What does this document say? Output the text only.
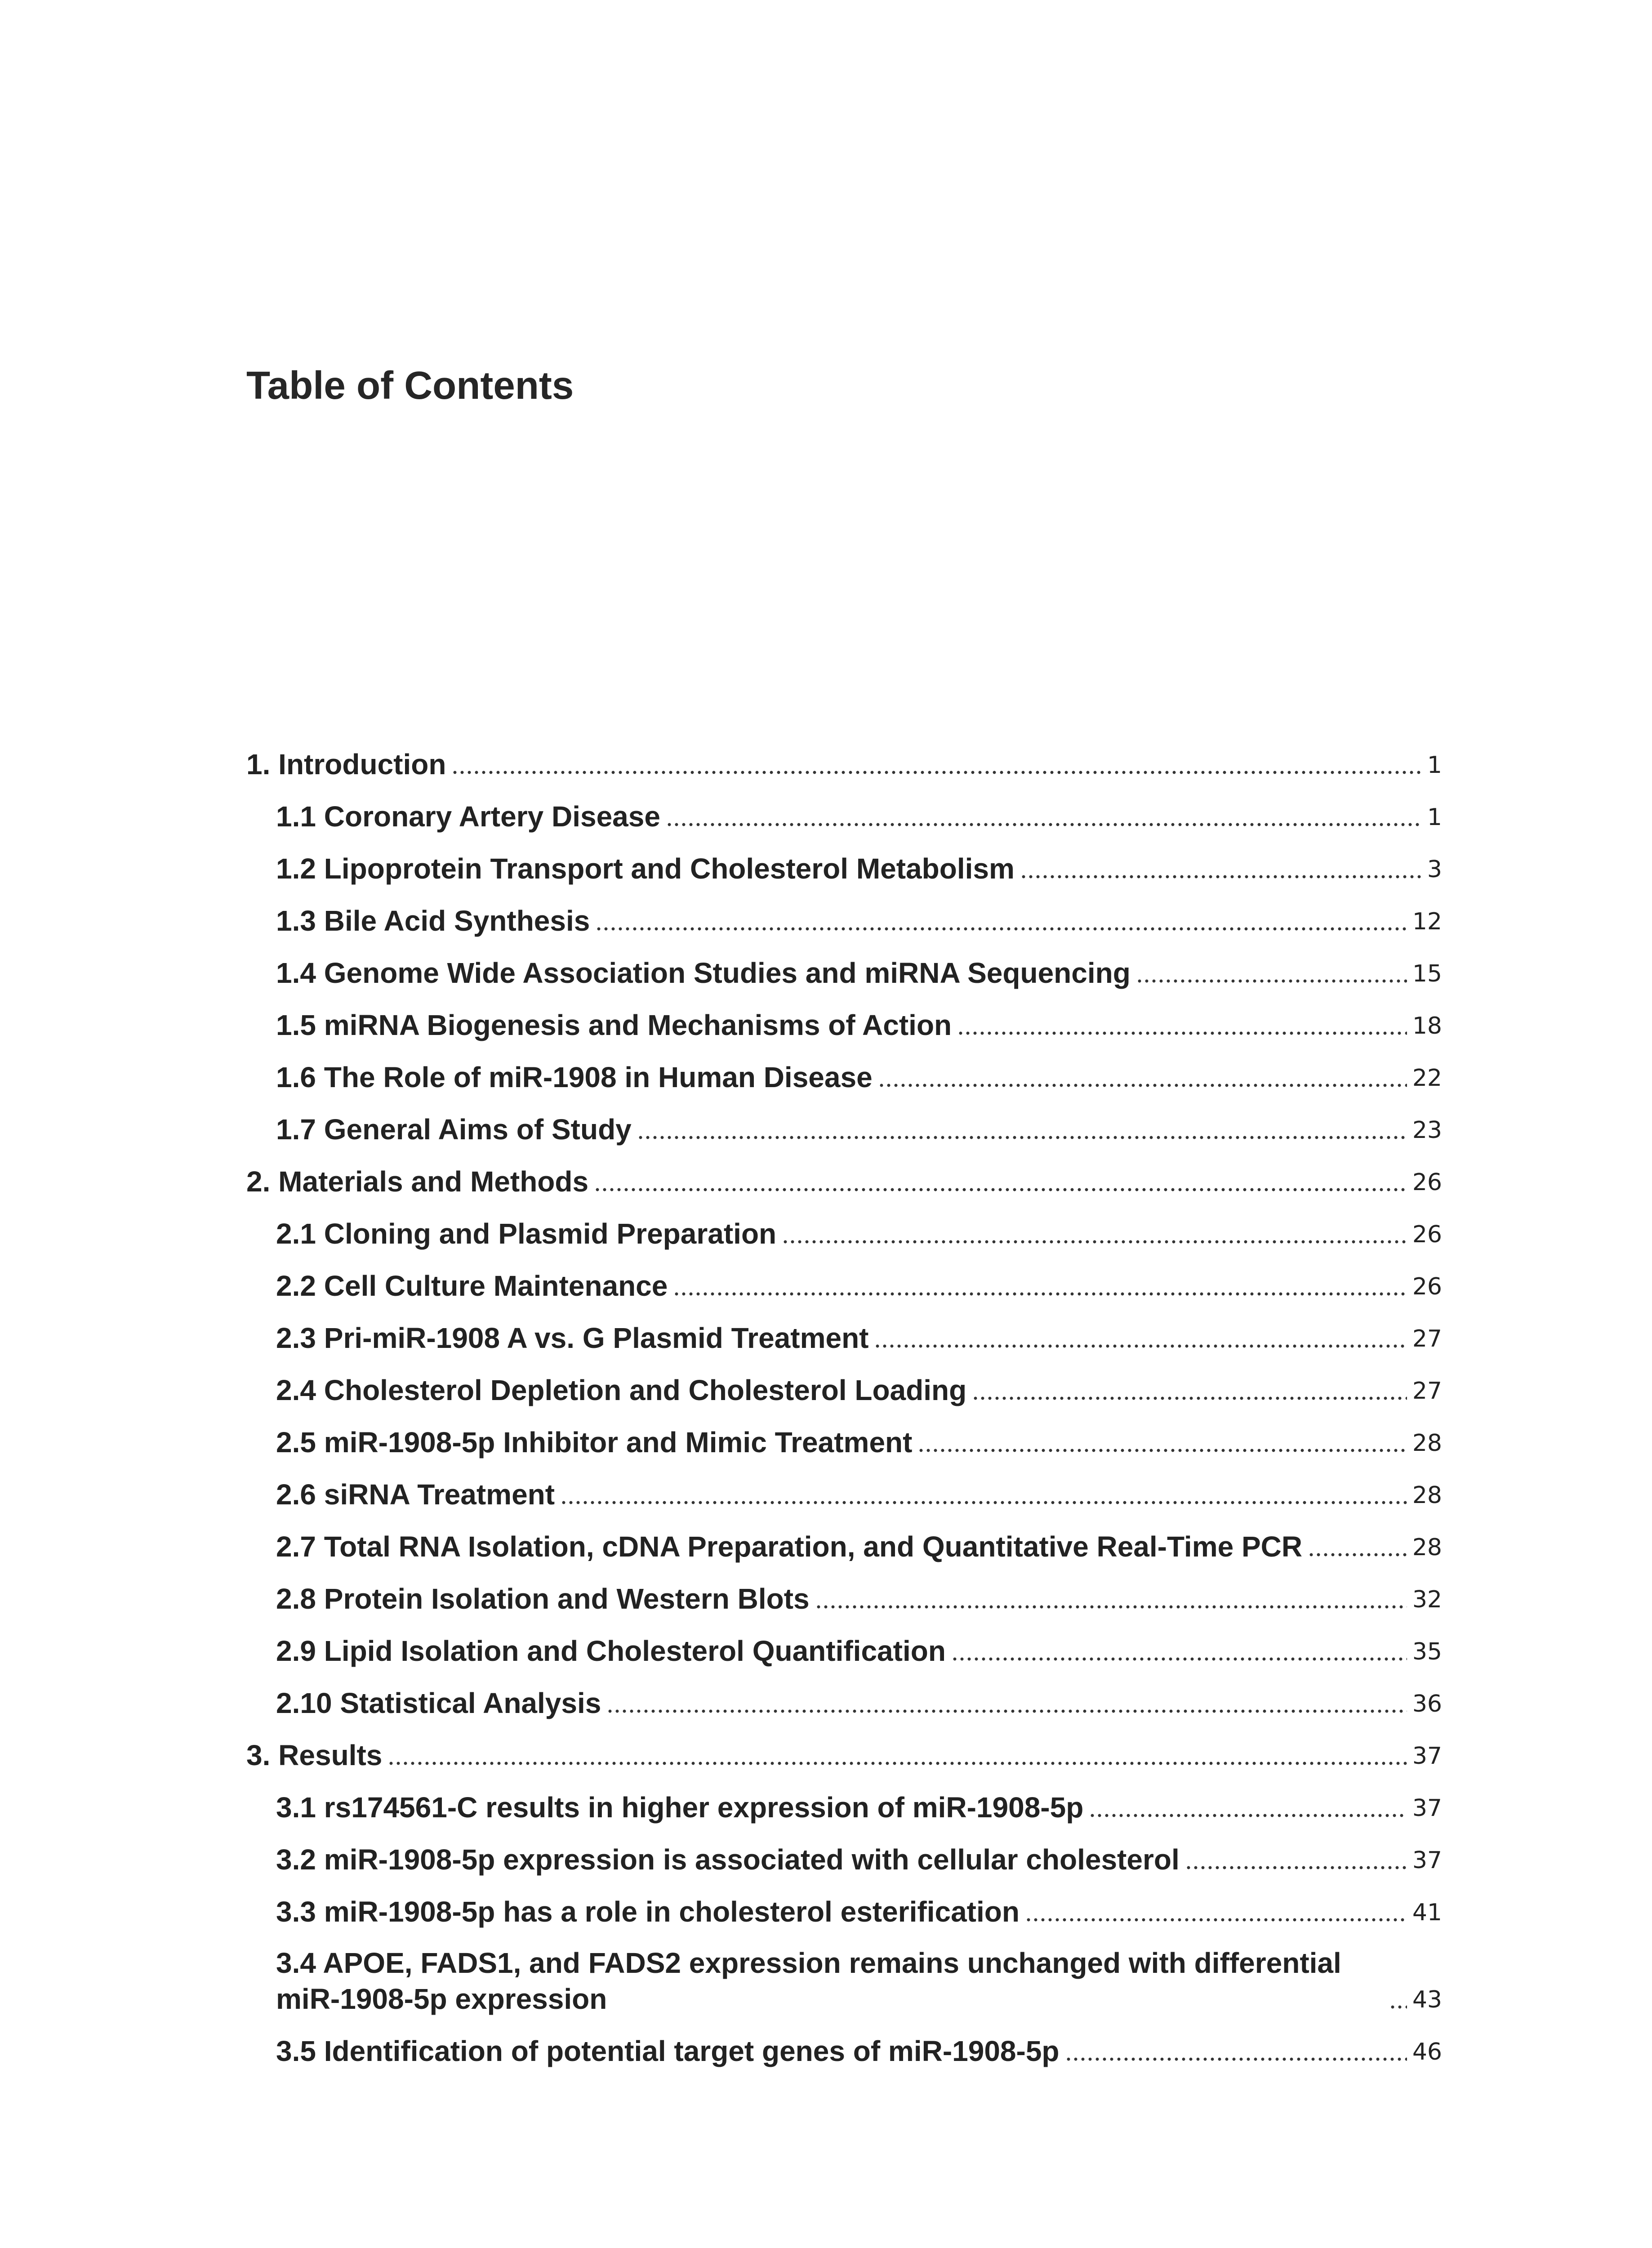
Table of Contents
1. Introduction	1
1.1 Coronary Artery Disease	1
1.2 Lipoprotein Transport and Cholesterol Metabolism	3
1.3 Bile Acid Synthesis	12
1.4 Genome Wide Association Studies and miRNA Sequencing	15
1.5 miRNA Biogenesis and Mechanisms of Action	18
1.6 The Role of miR-1908 in Human Disease	22
1.7 General Aims of Study	23
2. Materials and Methods	26
2.1 Cloning and Plasmid Preparation	26
2.2 Cell Culture Maintenance	26
2.3 Pri-miR-1908 A vs. G Plasmid Treatment	27
2.4 Cholesterol Depletion and Cholesterol Loading	27
2.5 miR-1908-5p Inhibitor and Mimic Treatment	28
2.6 siRNA Treatment	28
2.7 Total RNA Isolation, cDNA Preparation, and Quantitative Real-Time PCR	28
2.8 Protein Isolation and Western Blots	32
2.9 Lipid Isolation and Cholesterol Quantification	35
2.10 Statistical Analysis	36
3. Results	37
3.1 rs174561-C results in higher expression of miR-1908-5p	37
3.2 miR-1908-5p expression is associated with cellular cholesterol	37
3.3 miR-1908-5p has a role in cholesterol esterification	41
3.4 APOE, FADS1, and FADS2 expression remains unchanged with differential miR-1908-5p expression	43
3.5 Identification of potential target genes of miR-1908-5p	46
